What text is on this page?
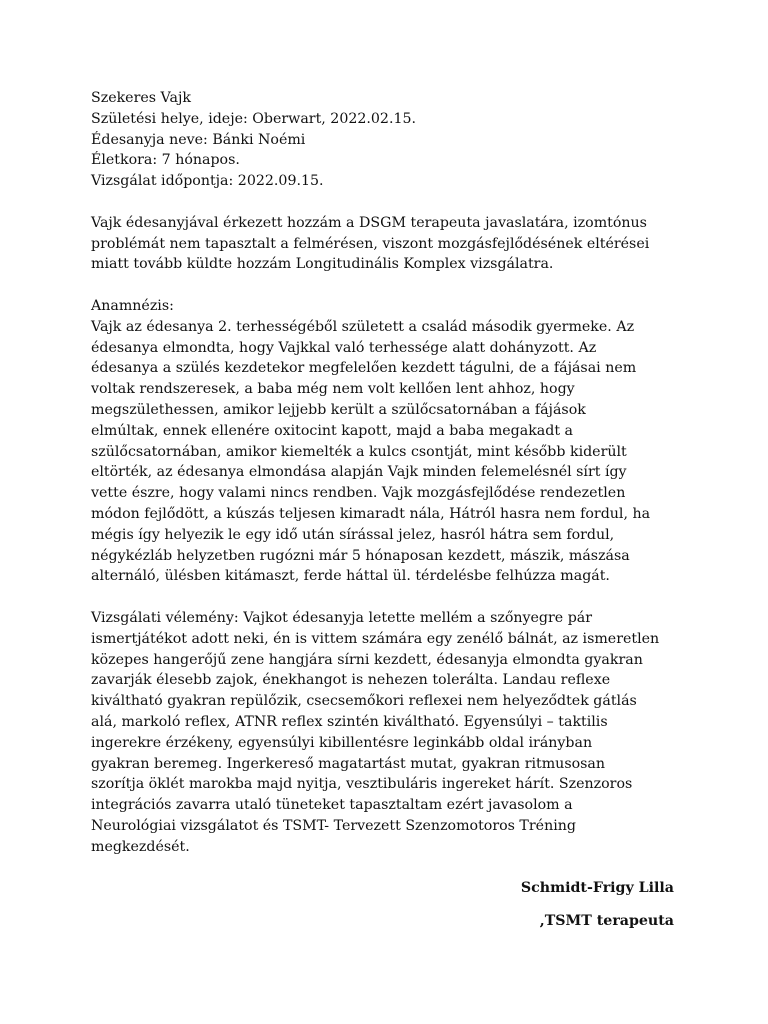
Szekeres Vajk
Születési helye, ideje: Oberwart, 2022.02.15.
Édesanyja neve: Bánki Noémi
Életkora: 7 hónapos.
Vizsgálat időpontja: 2022.09.15.
Vajk édesanyjával érkezett hozzám a DSGM terapeuta javaslatára, izomtónus
problémát nem tapasztalt a felmérésen, viszont mozgásfejlődésének eltérései
miatt tovább küldte hozzám Longitudinális Komplex vizsgálatra.
Anamnézis:
Vajk az édesanya 2. terhességéből született a család második gyermeke. Az
édesanya elmondta, hogy Vajkkal való terhessége alatt dohányzott. Az
édesanya a szülés kezdetekor megfelelően kezdett tágulni, de a fájásai nem
voltak rendszeresek, a baba még nem volt kellően lent ahhoz, hogy
megszülethessen, amikor lejjebb került a szülőcsatornában a fájások
elmúltak, ennek ellenére oxitocint kapott, majd a baba megakadt a
szülőcsatornában, amikor kiemelték a kulcs csontját, mint később kiderült
eltörték, az édesanya elmondása alapján Vajk minden felemelésnél sírt így
vette észre, hogy valami nincs rendben. Vajk mozgásfejlődése rendezetlen
módon fejlődött, a kúszás teljesen kimaradt nála, Hátról hasra nem fordul, ha
mégis így helyezik le egy idő után sírással jelez, hasról hátra sem fordul,
négykézláb helyzetben rugózni már 5 hónaposan kezdett, mászik, mászása
alternáló, ülésben kitámaszt, ferde háttal ül. térdelésbe felhúzza magát.
Vizsgálati vélemény: Vajkot édesanyja letette mellém a szőnyegre pár
ismertjátékot adott neki, én is vittem számára egy zenélő bálnát, az ismeretlen
közepes hangerőjű zene hangjára sírni kezdett, édesanyja elmondta gyakran
zavarják élesebb zajok, énekhangot is nehezen tolerálta. Landau reflexe
kiváltható gyakran repülőzik, csecsemőkori reflexei nem helyeződtek gátlás
alá, markoló reflex, ATNR reflex szintén kiváltható. Egyensúlyi – taktilis
ingerekre érzékeny, egyensúlyi kibillentésre leginkább oldal irányban
gyakran beremeg. Ingerkereső magatartást mutat, gyakran ritmusosan
szorítja öklét marokba majd nyitja, vesztibuláris ingereket hárít. Szenzoros
integrációs zavarra utaló tüneteket tapasztaltam ezért javasolom a
Neurológiai vizsgálatot és TSMT- Tervezett Szenzomotoros Tréning
megkezdését.
Schmidt-Frigy Lilla
,TSMT terapeuta
